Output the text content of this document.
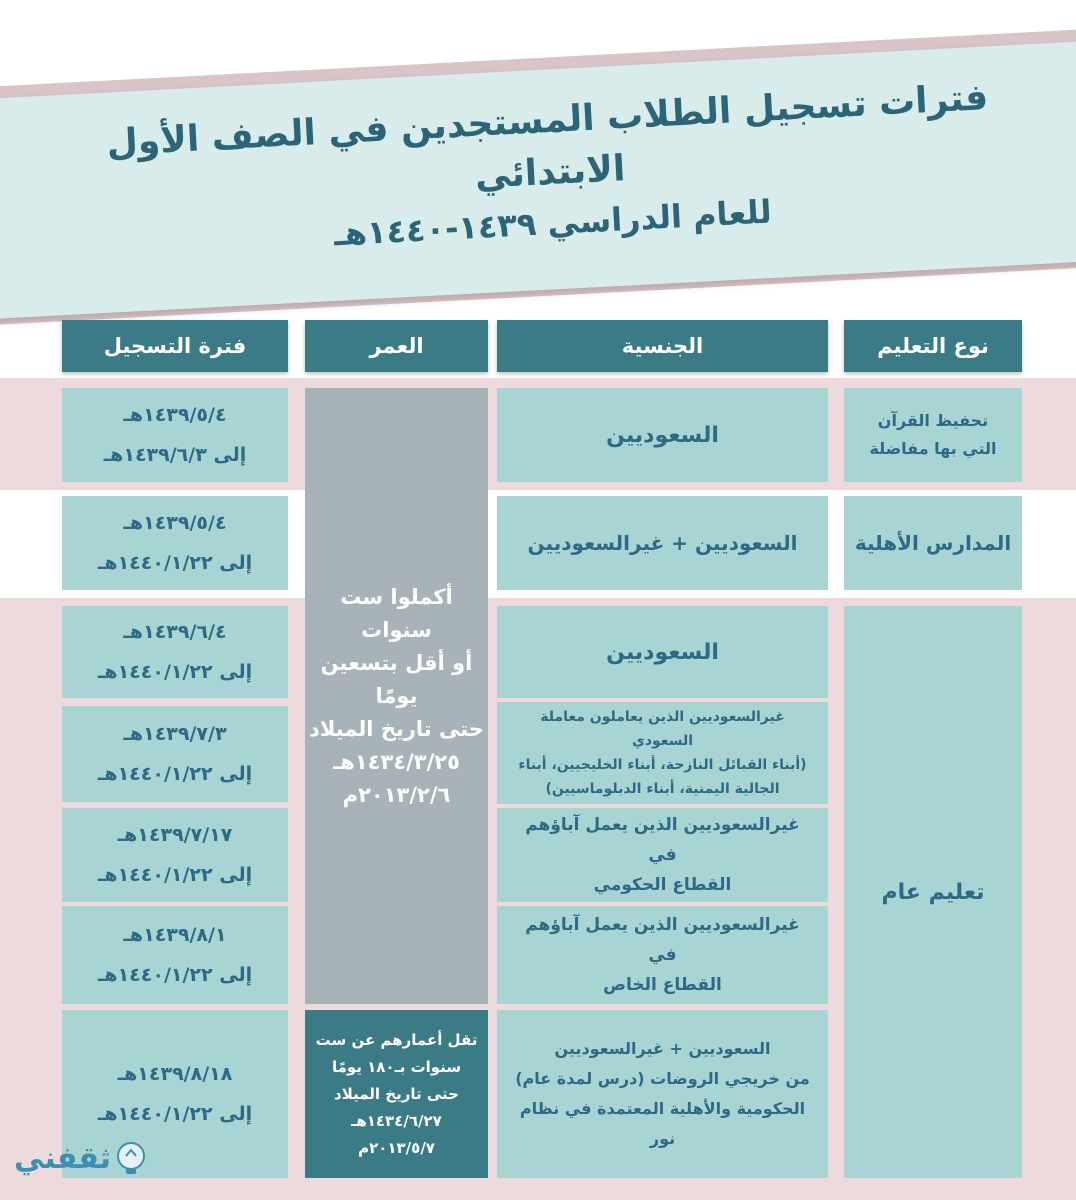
فترات تسجيل الطلاب المستجدين في الصف الأول الابتدائي
للعام الدراسي ١٤٣٩-١٤٤٠هـ
نوع التعليم
الجنسية
العمر
فترة التسجيل
تحفيظ القرآن
التي بها مفاضلة
المدارس الأهلية
تعليم عام
السعوديين
السعوديين + غيرالسعوديين
السعوديين
غيرالسعوديين الذين يعاملون معاملة السعودي
(أبناء القبائل النازحة، أبناء الخليجيين، أبناء
الجالية اليمنية، أبناء الدبلوماسيين)
غيرالسعوديين الذين يعمل آباؤهم في
القطاع الحكومي
غيرالسعوديين الذين يعمل آباؤهم في
القطاع الخاص
السعوديين + غيرالسعوديين
من خريجي الروضات (درس لمدة عام)
الحكومية والأهلية المعتمدة في نظام نور
أكملوا ست
سنوات
أو أقل بتسعين
يومًا
حتى تاريخ الميلاد
١٤٣٤/٣/٢٥هـ
٢٠١٣/٢/٦م
تقل أعمارهم عن ست
سنوات بـ١٨٠ يومًا
حتى تاريخ الميلاد
١٤٣٤/٦/٢٧هـ
٢٠١٣/٥/٧م
١٤٣٩/٥/٤هـ
إلى ١٤٣٩/٦/٣هـ
١٤٣٩/٥/٤هـ
إلى ١٤٤٠/١/٢٢هـ
١٤٣٩/٦/٤هـ
إلى ١٤٤٠/١/٢٢هـ
١٤٣٩/٧/٣هـ
إلى ١٤٤٠/١/٢٢هـ
١٤٣٩/٧/١٧هـ
إلى ١٤٤٠/١/٢٢هـ
١٤٣٩/٨/١هـ
إلى ١٤٤٠/١/٢٢هـ
١٤٣٩/٨/١٨هـ
إلى ١٤٤٠/١/٢٢هـ
ثقفني
